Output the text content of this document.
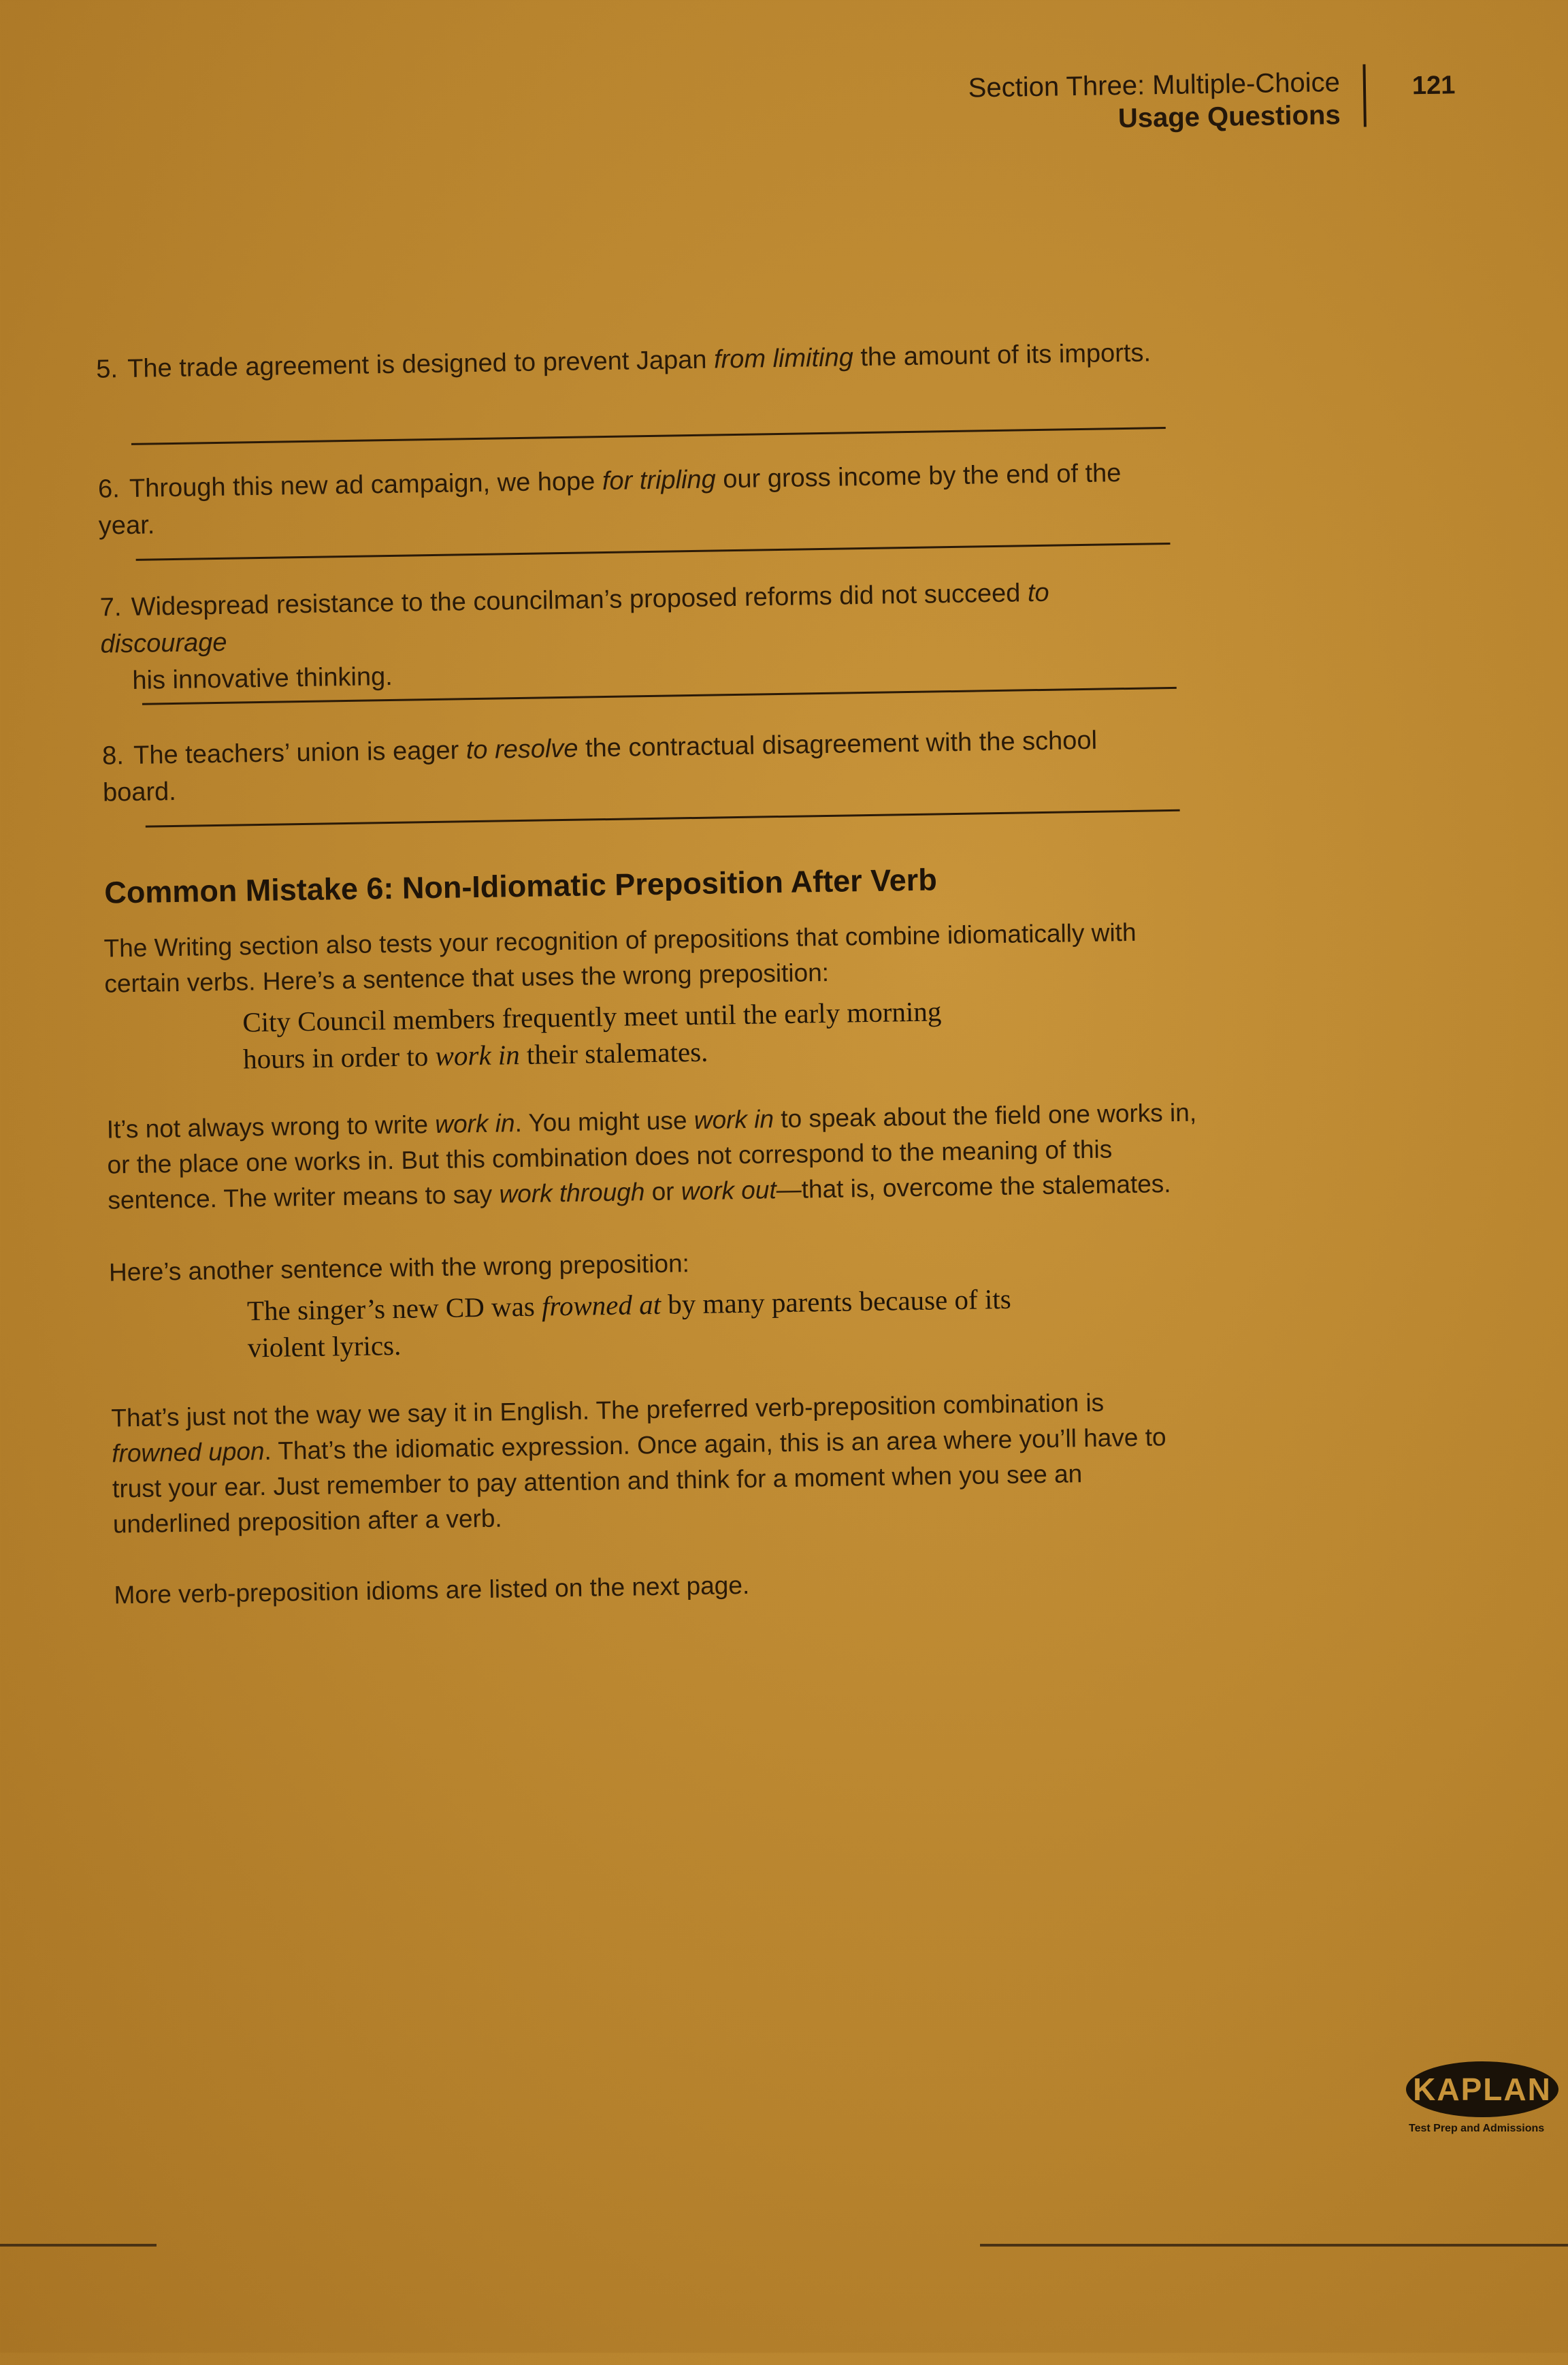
Section Three: Multiple-Choice
Usage Questions
121
5. The trade agreement is designed to prevent Japan from limiting the amount of its imports.
6. Through this new ad campaign, we hope for tripling our gross income by the end of the year.
7. Widespread resistance to the councilman’s proposed reforms did not succeed to discourage
his innovative thinking.
8. The teachers’ union is eager to resolve the contractual disagreement with the school board.
Common Mistake 6: Non-Idiomatic Preposition After Verb
The Writing section also tests your recognition of prepositions that combine idiomatically with certain verbs. Here’s a sentence that uses the wrong preposition:
City Council members frequently meet until the early morning
hours in order to work in their stalemates.
It’s not always wrong to write work in. You might use work in to speak about the field one works in, or the place one works in. But this combination does not correspond to the meaning of this sentence. The writer means to say work through or work out—that is, overcome the stalemates.
Here’s another sentence with the wrong preposition:
The singer’s new CD was frowned at by many parents because of its violent lyrics.
That’s just not the way we say it in English. The preferred verb-preposition combination is frowned upon. That’s the idiomatic expression. Once again, this is an area where you’ll have to trust your ear. Just remember to pay attention and think for a moment when you see an underlined preposition after a verb.
More verb-preposition idioms are listed on the next page.
KAPLAN
Test Prep and Admissions
